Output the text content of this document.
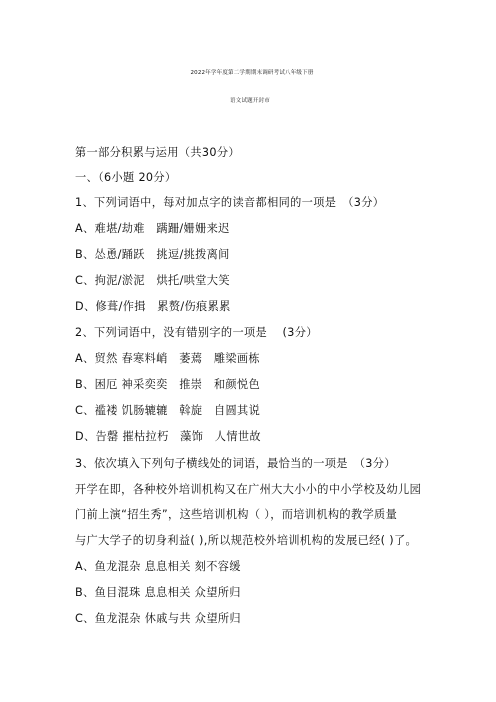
2022年学年度第二学期期末调研考试八年级下册
语文试题开封市
第一部分积累与运用（共30分）
一、（6小题 20分）
1、下列词语中，每对加点字的读音都相同的一项是　（3分）
A、难堪/劫难　蹒跚/姗姗来迟
B、怂恿/踊跃　挑逗/挑拨离间
C、拘泥/淤泥　烘托/哄堂大笑
D、修葺/作揖　累赘/伤痕累累
2、下列词语中，没有错别字的一项是　 (3分）
A、贸然 春寒料峭　萎蔫　雕梁画栋
B、困厄 神采奕奕　推崇　和颜悦色
C、褴褛 饥肠辘辘　斡旋　自圆其说
D、告罄 摧枯拉朽　藻饰　人情世故
3、依次填入下列句子横线处的词语，最恰当的一项是　（3分）
开学在即，各种校外培训机构又在广州大大小小的中小学校及幼儿园
门前上演“招生秀”，这些培训机构（ ），而培训机构的教学质量
与广大学子的切身利益( ),所以规范校外培训机构的发展已经( )了。
A、鱼龙混杂 息息相关 刻不容缓
B、鱼目混珠 息息相关 众望所归
C、鱼龙混杂 休戚与共 众望所归
